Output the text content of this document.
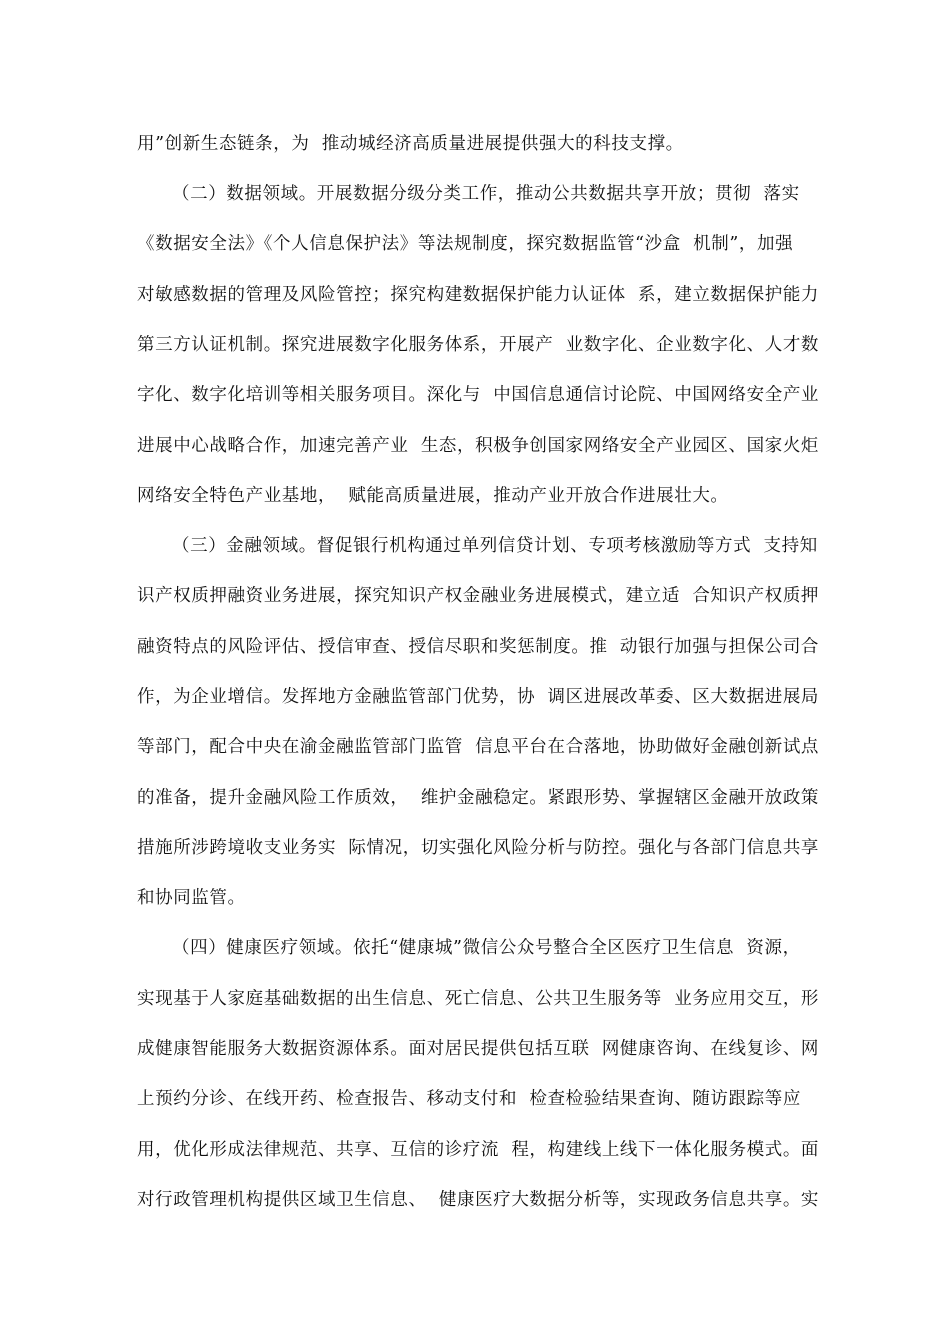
用”创新生态链条，为  推动城经济高质量进展提供强大的科技支撑。
（二）数据领域。开展数据分级分类工作，推动公共数据共享开放；贯彻  落实
《数据安全法》《个人信息保护法》等法规制度，探究数据监管“沙盒  机制”，加强
对敏感数据的管理及风险管控；探究构建数据保护能力认证体  系，建立数据保护能力
第三方认证机制。探究进展数字化服务体系，开展产  业数字化、企业数字化、人才数
字化、数字化培训等相关服务项目。深化与  中国信息通信讨论院、中国网络安全产业
进展中心战略合作，加速完善产业  生态，积极争创国家网络安全产业园区、国家火炬
网络安全特色产业基地，  赋能高质量进展，推动产业开放合作进展壮大。
（三）金融领域。督促银行机构通过单列信贷计划、专项考核激励等方式  支持知
识产权质押融资业务进展，探究知识产权金融业务进展模式，建立适  合知识产权质押
融资特点的风险评估、授信审查、授信尽职和奖惩制度。推  动银行加强与担保公司合
作，为企业增信。发挥地方金融监管部门优势，协  调区进展改革委、区大数据进展局
等部门，配合中央在渝金融监管部门监管  信息平台在合落地，协助做好金融创新试点
的准备，提升金融风险工作质效，  维护金融稳定。紧跟形势、掌握辖区金融开放政策
措施所涉跨境收支业务实  际情况，切实强化风险分析与防控。强化与各部门信息共享
和协同监管。
（四）健康医疗领域。依托“健康城”微信公众号整合全区医疗卫生信息  资源，
实现基于人家庭基础数据的出生信息、死亡信息、公共卫生服务等  业务应用交互，形
成健康智能服务大数据资源体系。面对居民提供包括互联  网健康咨询、在线复诊、网
上预约分诊、在线开药、检查报告、移动支付和  检查检验结果查询、随访跟踪等应
用，优化形成法律规范、共享、互信的诊疗流  程，构建线上线下一体化服务模式。面
对行政管理机构提供区域卫生信息、  健康医疗大数据分析等，实现政务信息共享。实
